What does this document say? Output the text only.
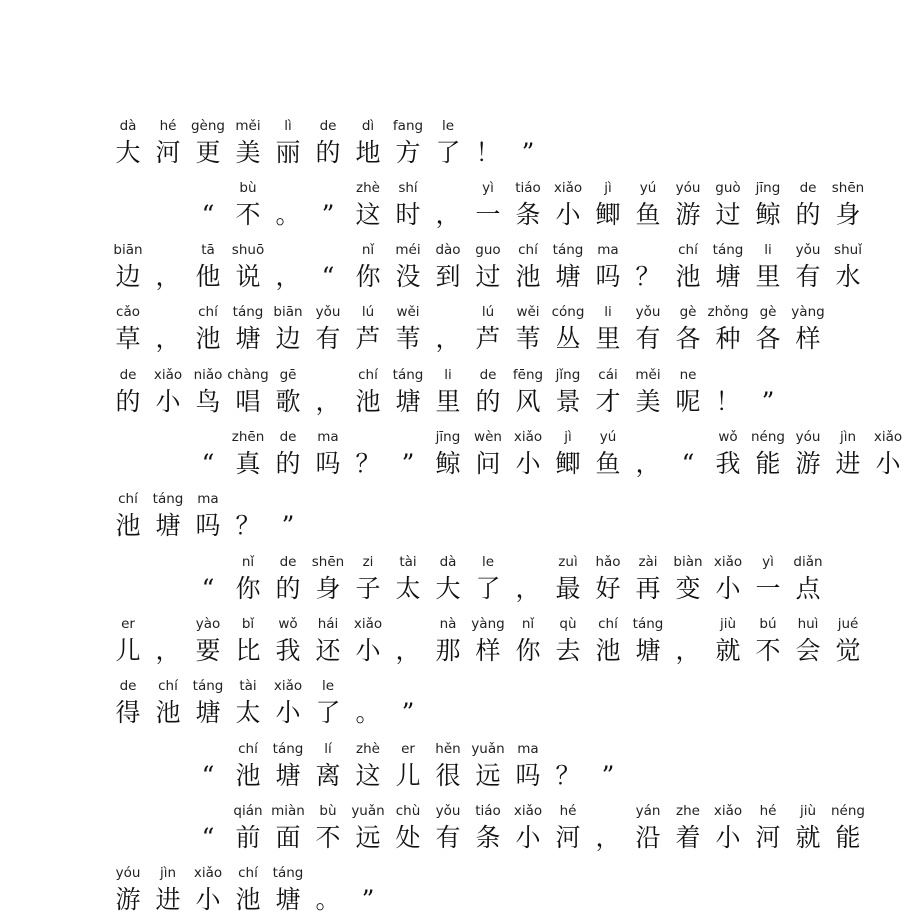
大 河 更 美 丽 的 地 方 了 ！ ”
dà hé gèng měi lì de dì fang le
“ 不 。 ” 这 时 ， 一 条 小 鲫 鱼 游 过 鲸 的 身
bù	zhè shí	yì tiáo xiǎo jì yú yóu guò jīng de shēn
边 ， 他 说 ， “ 你 没 到 过 池 塘 吗 ？ 池 塘 里 有 水
biān	tā shuō	nǐ méi dào guo chí táng ma	chí táng li yǒu shuǐ
草 ， 池 塘 边 有 芦 苇 ， 芦 苇 丛 里 有 各 种 各 样
cǎo	chí táng biān yǒu lú wěi	lú wěi cóng li yǒu gè zhǒng gè yàng
的 小 鸟 唱 歌 ， 池 塘 里 的 风 景 才 美 呢 ！ ”
de xiǎo niǎo chàng gē	chí táng li de fēng jǐng cái měi ne
“ 真 的 吗 ？ ” 鲸 问 小 鲫 鱼 ， “ 我 能 游 进 小
zhēn de ma	jīng wèn xiǎo jì yú	wǒ néng yóu jìn xiǎo
池 塘 吗 ？ ”
chí táng ma
“ 你 的 身 子 太 大 了 ， 最 好 再 变 小 一 点
nǐ de shēn zi tài dà le	zuì hǎo zài biàn xiǎo yì diǎn
儿 ， 要 比 我 还 小 ， 那 样 你 去 池 塘 ， 就 不 会 觉
er	yào bǐ wǒ hái xiǎo	nà yàng nǐ qù chí táng	jiù bú huì jué
得 池 塘 太 小 了 。 ”
de chí táng tài xiǎo le
“ 池 塘 离 这 儿 很 远 吗 ？ ”
chí táng lí zhè er hěn yuǎn ma
“ 前 面 不 远 处 有 条 小 河 ， 沿 着 小 河 就 能
qián miàn bù yuǎn chù yǒu tiáo xiǎo hé	yán zhe xiǎo hé jiù néng
游 进 小 池 塘 。 ”
yóu jìn xiǎo chí táng
